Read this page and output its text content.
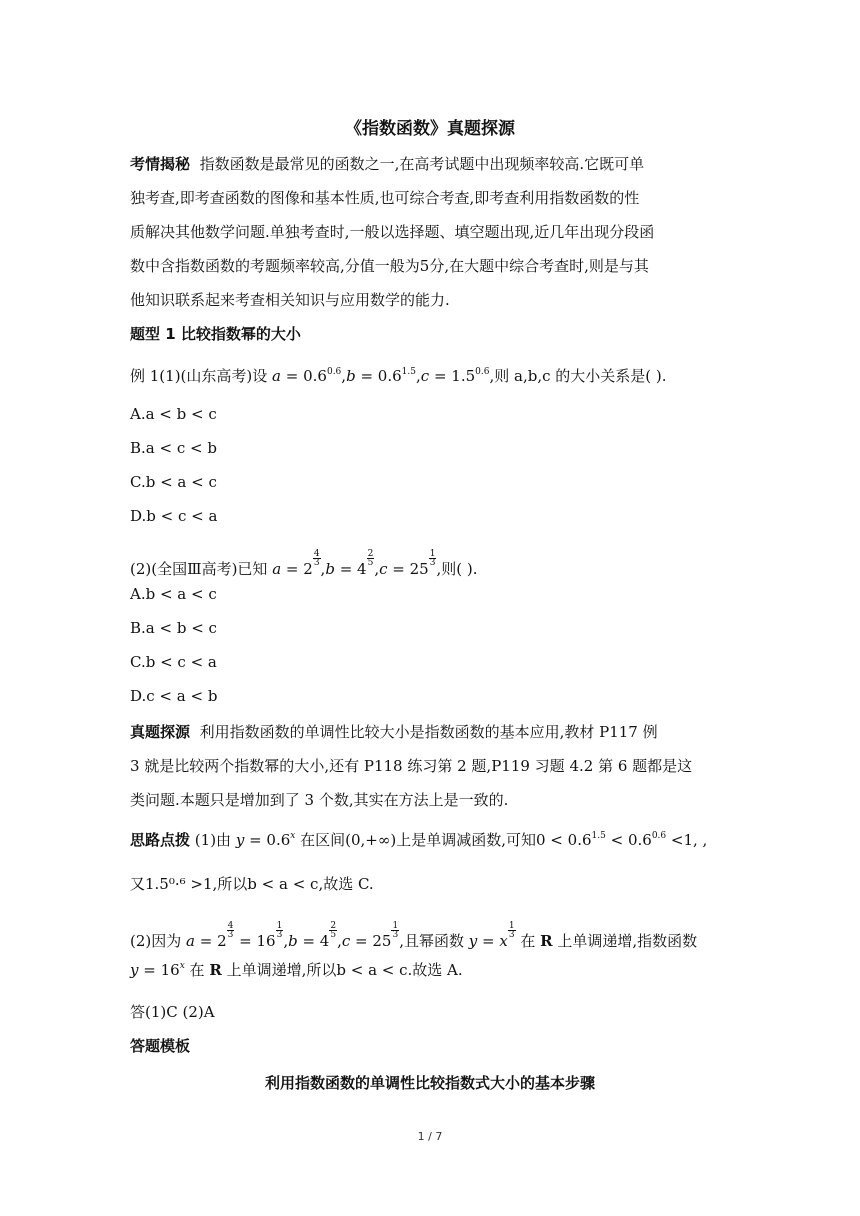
《指数函数》真题探源
考情揭秘 指数函数是最常见的函数之一,在高考试题中出现频率较高.它既可单
独考查,即考查函数的图像和基本性质,也可综合考查,即考查利用指数函数的性
质解决其他数学问题.单独考查时,一般以选择题、填空题出现,近几年出现分段函
数中含指数函数的考题频率较高,分值一般为5分,在大题中综合考查时,则是与其
他知识联系起来考查相关知识与应用数学的能力.
题型 1 比较指数幂的大小
例 1(1)(山东高考)设 $a = 0.6^{0.6},b = 0.6^{1.5},c = 1.5^{0.6}$,则 a,b,c 的大小关系是( ).
A.a < b < c
B.a < c < b
C.b < a < c
D.b < c < a
(2)(全国Ⅲ高考)已知 a = 2
$\frac{4}{3}$
,b = 4
$\frac{2}{5}$
,c = 25
$\frac{1}{3}$
,则( ).
A.b < a < c
B.a < b < c
C.b < c < a
D.c < a < b
真题探源 利用指数函数的单调性比较大小是指数函数的基本应用,教材 P117 例
3 就是比较两个指数幂的大小,还有 P118 练习第 2 题,P119 习题 4.2 第 6 题都是这
类问题.本题只是增加到了 3 个数,其实在方法上是一致的.
思路点拨 (1)由 $y = 0.6^x$ 在区间(0,+∞)上是单调减函数,可知$0 < 0.6^{1.5} < 0.6^{0.6} <1$, ,
又1.5⁰·⁶ >1,所以b < a < c,故选 C.
(2)因为 a = 2
$\frac{4}{3}$
= 16
$\frac{1}{3}$
,b = 4
$\frac{2}{5}$
,c = 25
$\frac{1}{3}$
,且幂函数 y = x
$\frac{1}{3}$
在 R 上单调递增,指数函数
$y = 16^x$ 在 R 上单调递增,所以b < a < c.故选 A.
答(1)C (2)A
答题模板
利用指数函数的单调性比较指数式大小的基本步骤
1 / 7
